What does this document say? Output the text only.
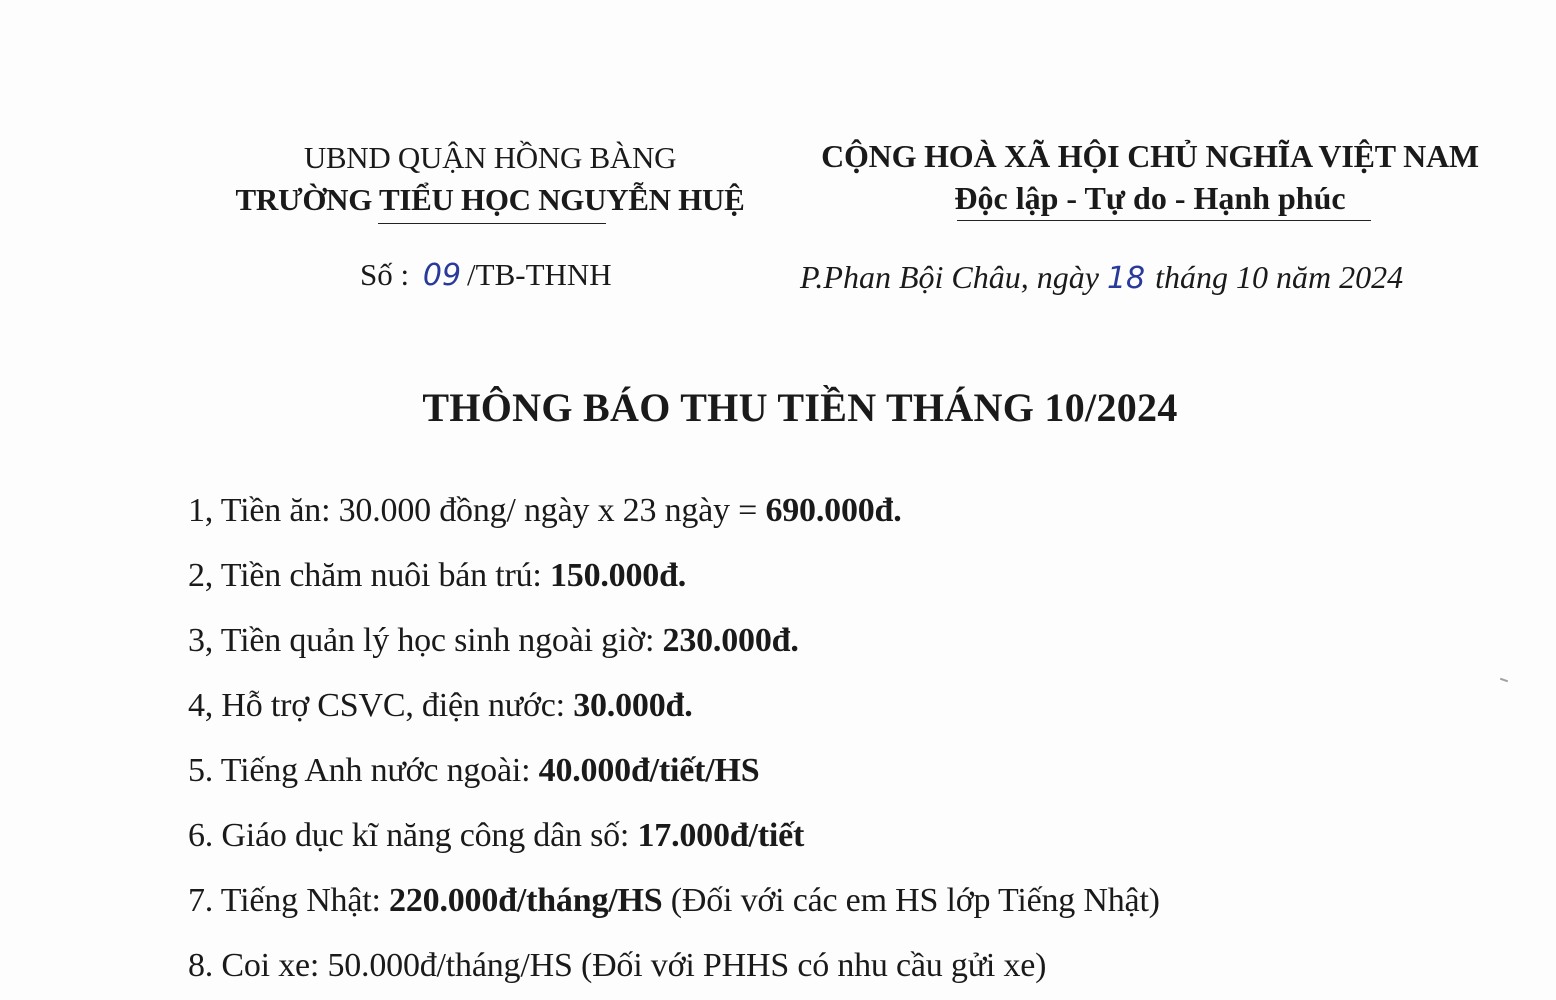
UBND QUẬN HỒNG BÀNG
TRƯỜNG TIỂU HỌC NGUYỄN HUỆ
CỘNG HOÀ XÃ HỘI CHỦ NGHĨA VIỆT NAM
Độc lập - Tự do - Hạnh phúc
Số : 09 /TB-THNH	P.Phan Bội Châu, ngày 18 tháng 10 năm 2024
THÔNG BÁO THU TIỀN THÁNG 10/2024
1, Tiền ăn: 30.000 đồng/ ngày x 23 ngày = 690.000đ.
2, Tiền chăm nuôi bán trú: 150.000đ.
3, Tiền quản lý học sinh ngoài giờ: 230.000đ.
4, Hỗ trợ CSVC, điện nước: 30.000đ.
5. Tiếng Anh nước ngoài: 40.000đ/tiết/HS
6. Giáo dục kĩ năng công dân số: 17.000đ/tiết
7. Tiếng Nhật: 220.000đ/tháng/HS (Đối với các em HS lớp Tiếng Nhật)
8. Coi xe: 50.000đ/tháng/HS (Đối với PHHS có nhu cầu gửi xe)
